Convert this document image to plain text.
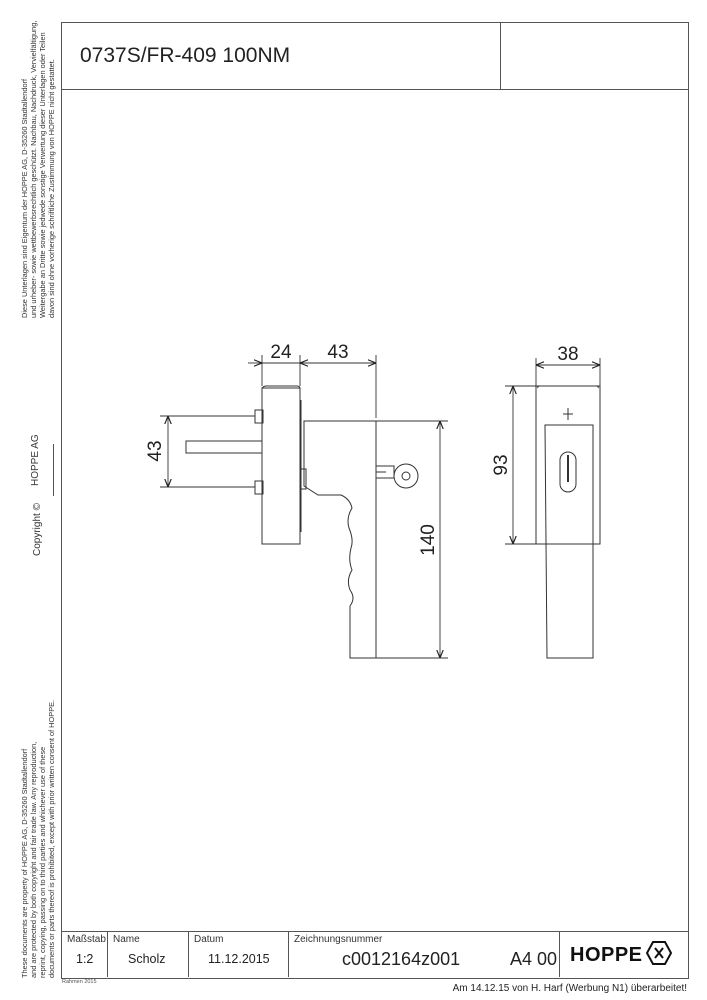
0737S/FR-409 100NM
Diese Unterlagen sind Eigentum der HOPPE AG, D-35260 Stadtallendorf und urheber- sowie wettbewerbsrechtlich geschützt. Nachbau, Nachdruck, Vervielfältigung, Weitergabe an Dritte sowie jedwede sonstige Verwertung dieser Unterlagen oder Teilen davon sind ohne vorherige schriftliche Zustimmung von HOPPE nicht gestattet.
Copyright ©
HOPPE AG
These documents are property of HOPPE AG, D-35260 Stadtallendorf and are protected by both copyright and fair trade law. Any reproduction, reprint, copying, passing on to third parties and whichever use of these documents or parts thereof is prohibited, except with prior written consent of HOPPE.
24 43
43
140
38
93
Maßstab
1:2
Name
Scholz
Datum
11.12.2015
Zeichnungsnummer
c0012164z001	A4 00 HOPPE
Rahmen 2015
Am 14.12.15 von H. Harf (Werbung N1) überarbeitet!
